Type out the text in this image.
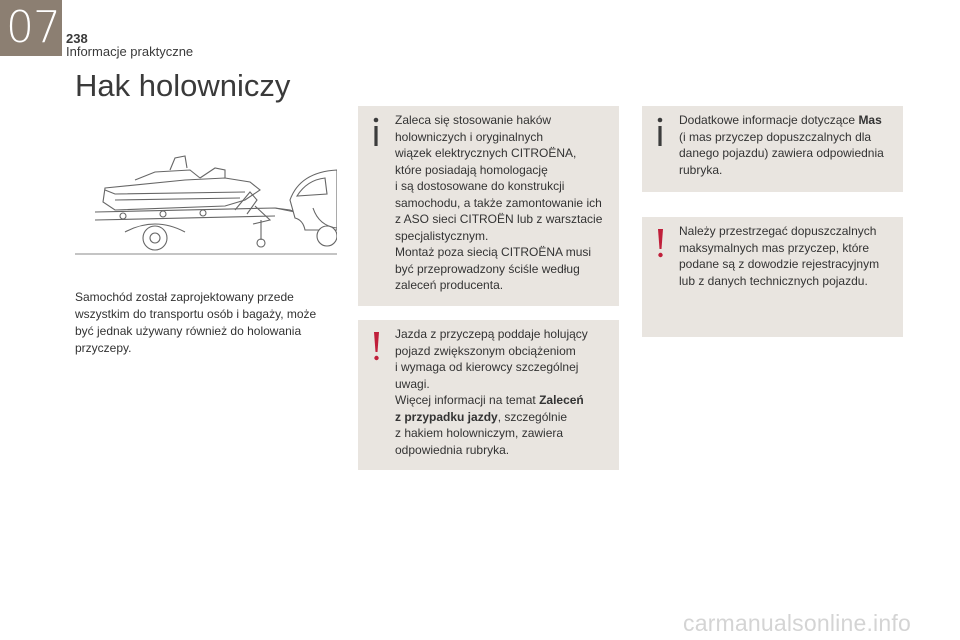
07 238
Informacje praktyczne
Hak holowniczy
Samochód został zaprojektowany przede wszystkim do transportu osób i bagaży, może być jednak używany również do holowania przyczepy.
Zaleca się stosowanie haków
holowniczych i oryginalnych
wiązek elektrycznych CITROËNA,
które posiadają homologację
i są dostosowane do konstrukcji
samochodu, a także zamontowanie ich
z ASO sieci CITROËN lub z warsztacie
specjalistycznym.
Montaż poza siecią CITROËNA musi
być przeprowadzony ściśle według
zaleceń producenta.
Jazda z przyczepą poddaje holujący
pojazd zwiększonym obciążeniom
i wymaga od kierowcy szczególnej
uwagi.
Więcej informacji na temat Zaleceń
z przypadku jazdy, szczególnie
z hakiem holowniczym, zawiera
odpowiednia rubryka.
Dodatkowe informacje dotyczące Mas
(i mas przyczep dopuszczalnych dla
danego pojazdu) zawiera odpowiednia
rubryka.
Należy przestrzegać dopuszczalnych
maksymalnych mas przyczep, które
podane są z dowodzie rejestracyjnym
lub z danych technicznych pojazdu.
carmanualsonline.info
